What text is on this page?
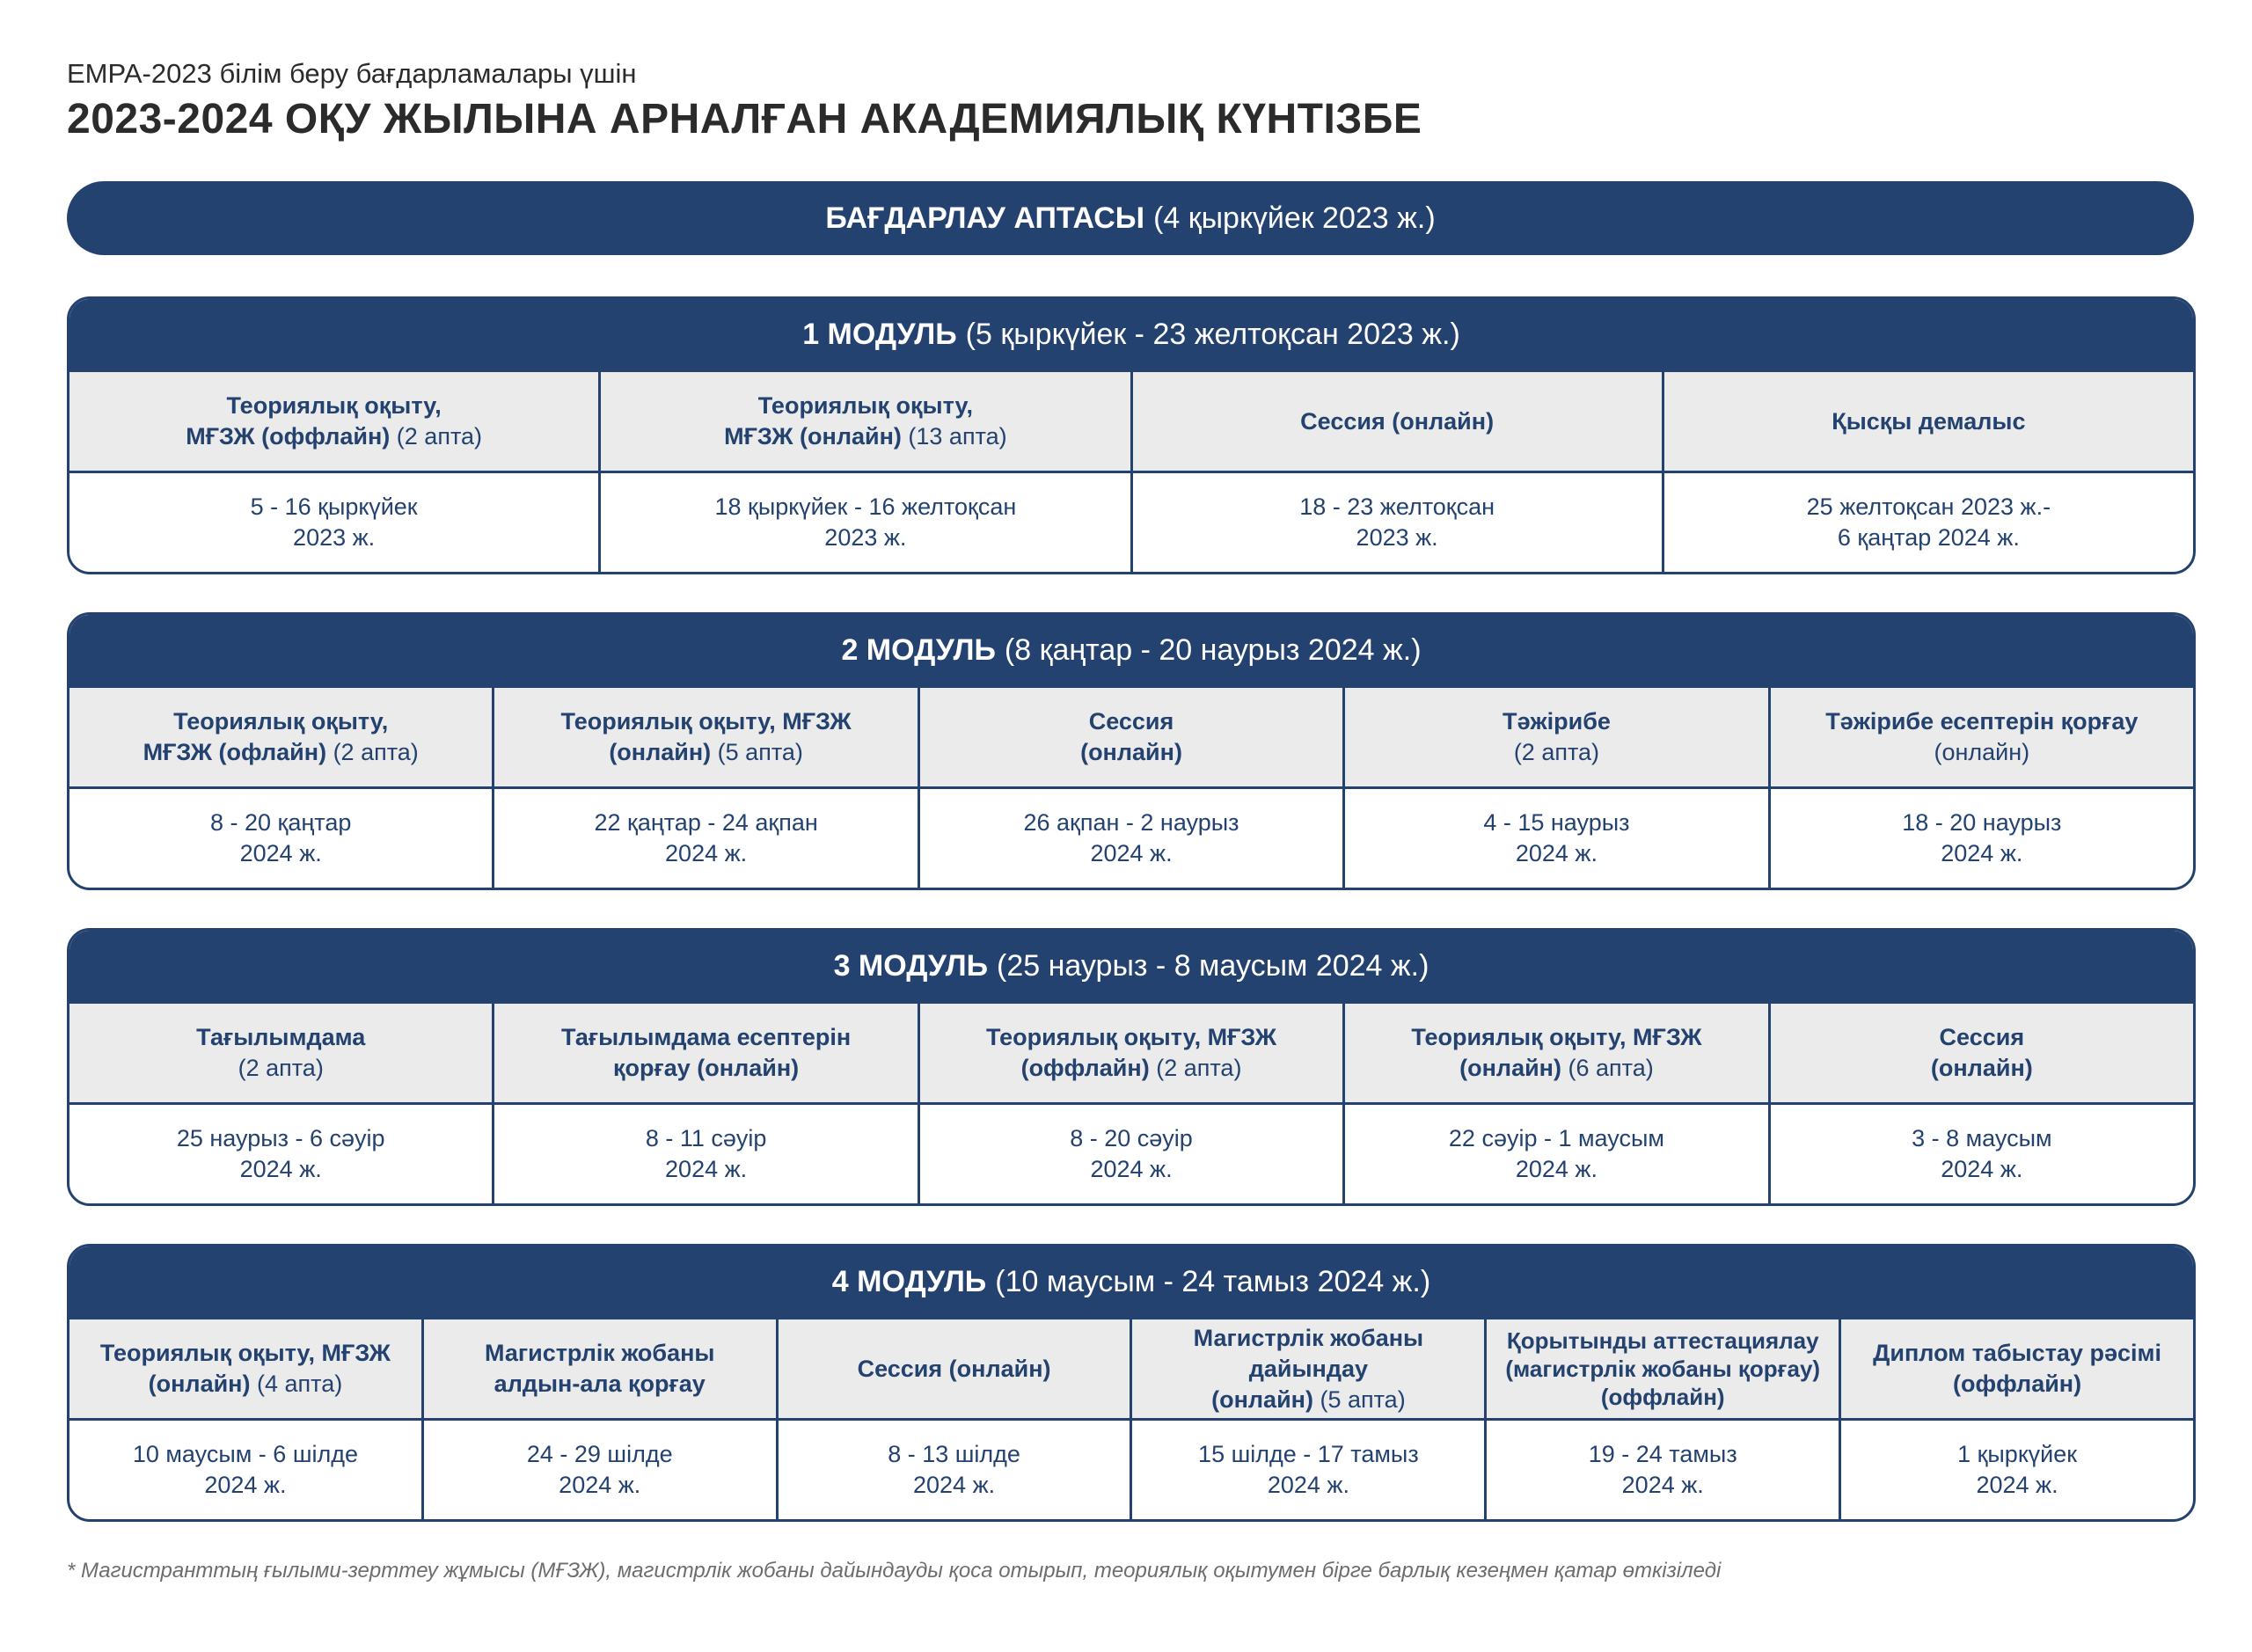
EMPA-2023 білім беру бағдарламалары үшін
2023-2024 ОҚУ ЖЫЛЫНА АРНАЛҒАН АКАДЕМИЯЛЫҚ КҮНТІЗБЕ
БАҒДАРЛАУ АПТАСЫ (4 қыркүйек 2023 ж.)
1 МОДУЛЬ (5 қыркүйек - 23 желтоқсан 2023 ж.)
Теориялық оқыту,
МҒЗЖ (оффлайн) (2 апта)
Теориялық оқыту,
МҒЗЖ (онлайн) (13 апта)
Сессия (онлайн)	Қысқы демалыс
5 - 16 қыркүйек
2023 ж.
18 қыркүйек - 16 желтоқсан
2023 ж.
18 - 23 желтоқсан
2023 ж.
25 желтоқсан 2023 ж.-
6 қаңтар 2024 ж.
2 МОДУЛЬ (8 қаңтар - 20 наурыз 2024 ж.)
Теориялық оқыту,
МҒЗЖ (офлайн) (2 апта)
Теориялық оқыту, МҒЗЖ
(онлайн) (5 апта)
Сессия
(онлайн)
Тәжірибе
(2 апта)
Тәжірибе есептерін қорғау
(онлайн)
8 - 20 қаңтар
2024 ж.
22 қаңтар - 24 ақпан
2024 ж.
26 ақпан - 2 наурыз
2024 ж.
4 - 15 наурыз
2024 ж.
18 - 20 наурыз
2024 ж.
3 МОДУЛЬ (25 наурыз - 8 маусым 2024 ж.)
Тағылымдама
(2 апта)
Тағылымдама есептерін
қорғау (онлайн)
Теориялық оқыту, МҒЗЖ
(оффлайн) (2 апта)
Теориялық оқыту, МҒЗЖ
(онлайн) (6 апта)
Сессия
(онлайн)
25 наурыз - 6 сәуір
2024 ж.
8 - 11 сәуір
2024 ж.
8 - 20 сәуір
2024 ж.
22 сәуір - 1 маусым
2024 ж.
3 - 8 маусым
2024 ж.
4 МОДУЛЬ (10 маусым - 24 тамыз 2024 ж.)
Теориялық оқыту, МҒЗЖ
(онлайн) (4 апта)
Магистрлік жобаны
алдын-ала қорғау
Сессия (онлайн)
Магистрлік жобаны дайындау
(онлайн) (5 апта)
Қорытынды аттестациялау
(магистрлік жобаны қорғау)
(оффлайн)
Диплом табыстау рәсімі
(оффлайн)
10 маусым - 6 шілде
2024 ж.
24 - 29 шілде
2024 ж.
8 - 13 шілде
2024 ж.
15 шілде - 17 тамыз
2024 ж.
19 - 24 тамыз
2024 ж.
1 қыркүйек
2024 ж.
* Магистранттың ғылыми-зерттеу жұмысы (МҒЗЖ), магистрлік жобаны дайындауды қоса отырып, теориялық оқытумен бірге барлық кезеңмен қатар өткізіледі
